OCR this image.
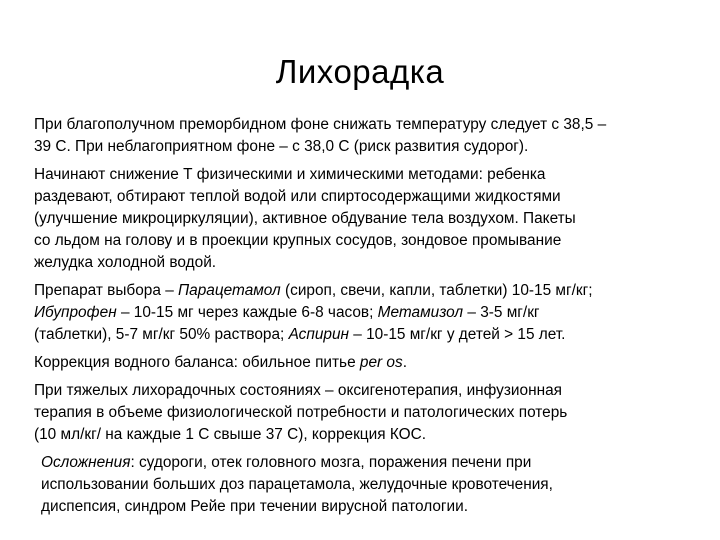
Лихорадка
При благополучном преморбидном фоне снижать температуру следует с 38,5 –
39 С. При неблагоприятном фоне – с 38,0 С (риск развития судорог).
Начинают снижение Т физическими и химическими методами: ребенка
раздевают, обтирают теплой водой или спиртосодержащими жидкостями
(улучшение микроциркуляции), активное обдувание тела воздухом. Пакеты
со льдом на голову и в проекции крупных сосудов, зондовое промывание
желудка холодной водой.
Препарат выбора – Парацетамол (сироп, свечи, капли, таблетки) 10-15 мг/кг;
Ибупрофен – 10-15 мг через каждые 6-8 часов; Метамизол – 3-5 мг/кг
(таблетки), 5-7 мг/кг 50% раствора; Аспирин – 10-15 мг/кг у детей > 15 лет.
Коррекция водного баланса: обильное питье per os.
При тяжелых лихорадочных состояниях – оксигенотерапия, инфузионная
терапия в объеме физиологической потребности и патологических потерь
(10 мл/кг/ на каждые 1 С свыше 37 С), коррекция КОС.
Осложнения: судороги, отек головного мозга, поражения печени при
использовании больших доз парацетамола, желудочные кровотечения,
диспепсия, синдром Рейе при течении вирусной патологии.
